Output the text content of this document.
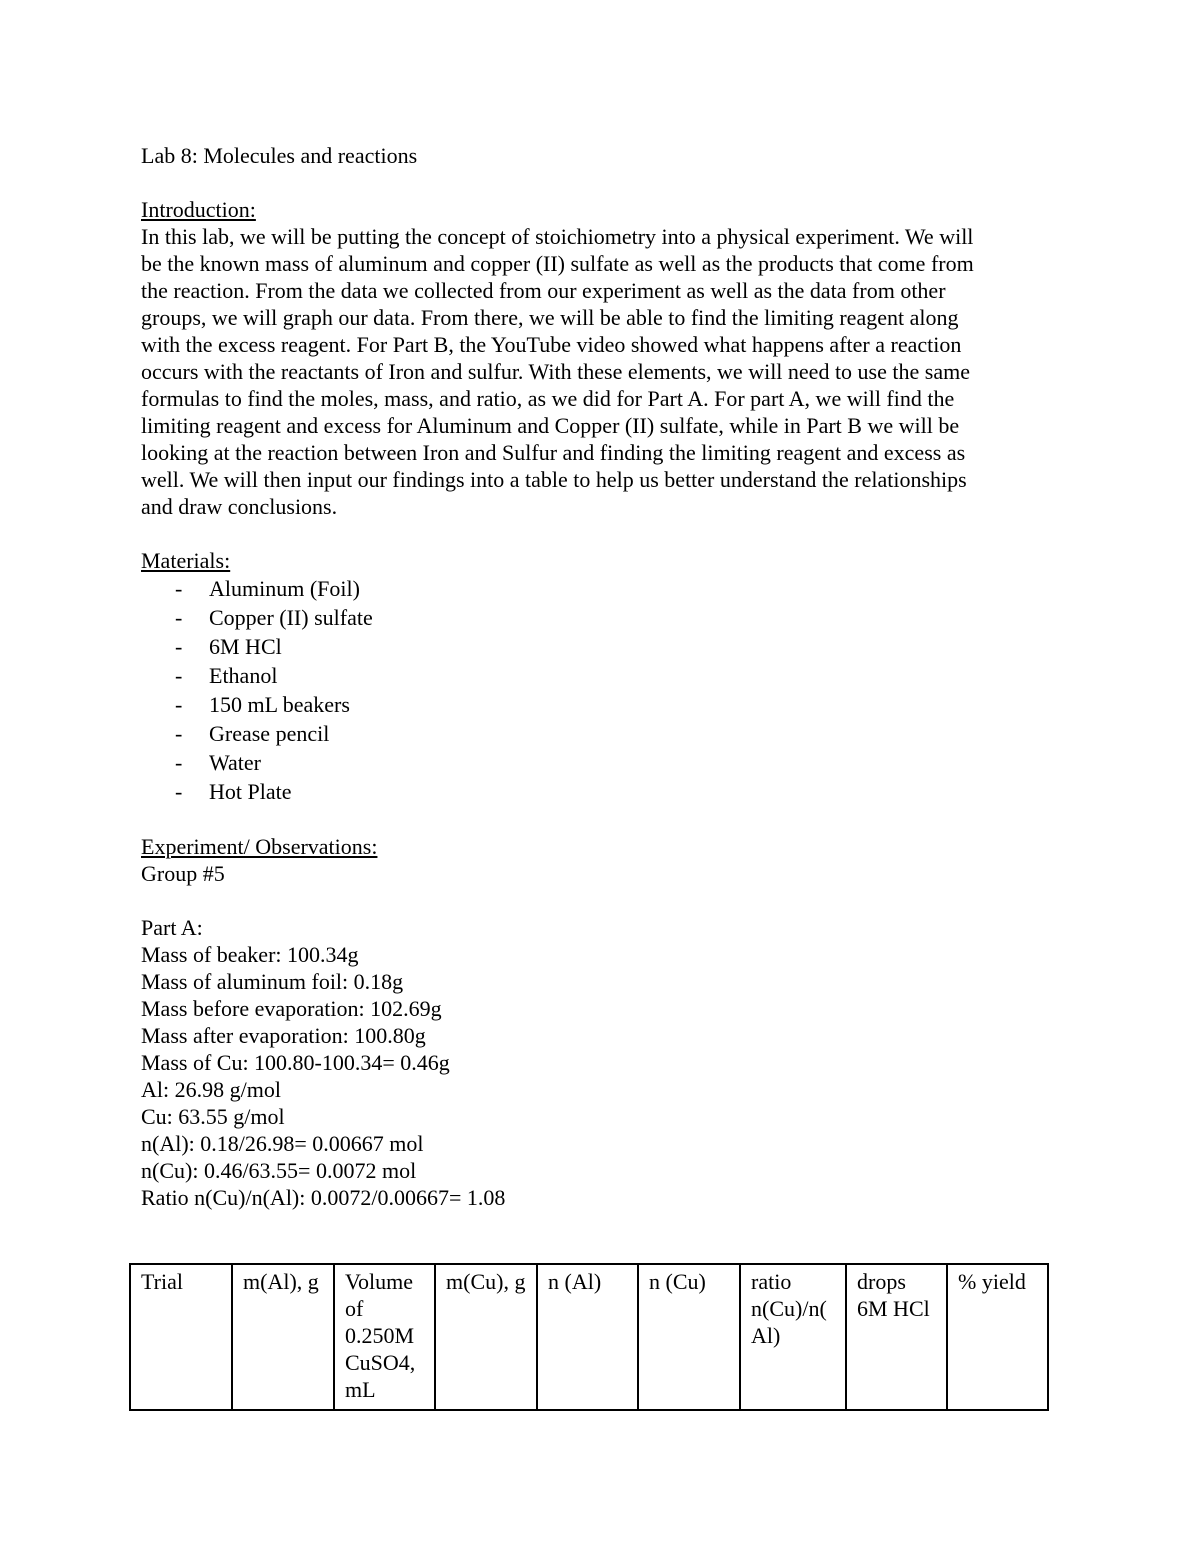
Lab 8: Molecules and reactions
Introduction:
In this lab, we will be putting the concept of stoichiometry into a physical experiment. We will
be the known mass of aluminum and copper (II) sulfate as well as the products that come from
the reaction. From the data we collected from our experiment as well as the data from other
groups, we will graph our data. From there, we will be able to find the limiting reagent along
with the excess reagent. For Part B, the YouTube video showed what happens after a reaction
occurs with the reactants of Iron and sulfur. With these elements, we will need to use the same
formulas to find the moles, mass, and ratio, as we did for Part A. For part A, we will find the
limiting reagent and excess for Aluminum and Copper (II) sulfate, while in Part B we will be
looking at the reaction between Iron and Sulfur and finding the limiting reagent and excess as
well. We will then input our findings into a table to help us better understand the relationships
and draw conclusions.
Materials:
-	Aluminum (Foil)
-	Copper (II) sulfate
-	6M HCl
-	Ethanol
-	150 mL beakers
-	Grease pencil
-	Water
-	Hot Plate
Experiment/ Observations:
Group #5
Part A:
Mass of beaker: 100.34g
Mass of aluminum foil: 0.18g
Mass before evaporation: 102.69g
Mass after evaporation: 100.80g
Mass of Cu: 100.80-100.34= 0.46g
Al: 26.98 g/mol
Cu: 63.55 g/mol
n(Al): 0.18/26.98= 0.00667 mol
n(Cu): 0.46/63.55= 0.0072 mol
Ratio n(Cu)/n(Al): 0.0072/0.00667= 1.08
Trial	m(Al), g	Volume of 0.250M CuSO4, mL	m(Cu), g	n (Al)	n (Cu)	ratio n(Cu)/n(Al)	drops 6M HCl	% yield
